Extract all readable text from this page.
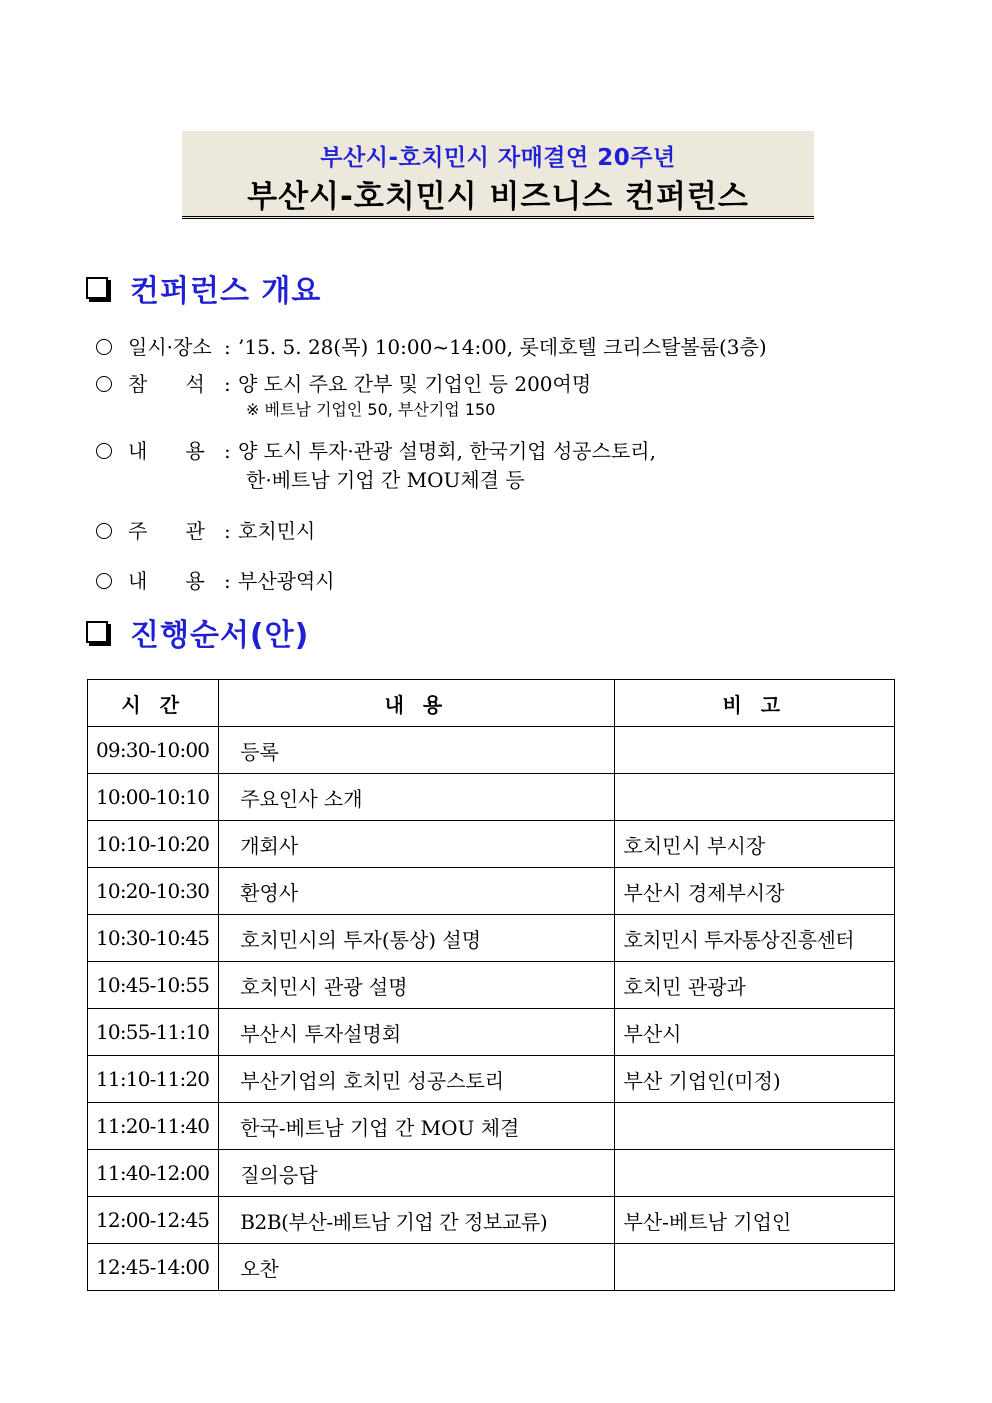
부산시-호치민시 자매결연 20주년
부산시-호치민시 비즈니스 컨퍼런스
컨퍼런스 개요
일시·장소 : ’15. 5. 28(목) 10:00~14:00, 롯데호텔 크리스탈볼룸(3층)
참      석 : 양 도시 주요 간부 및 기업인 등 200여명
※ 베트남 기업인 50, 부산기업 150
내      용 : 양 도시 투자·관광 설명회, 한국기업 성공스토리,
한·베트남 기업 간 MOU체결 등
주      관 : 호치민시
내      용 : 부산광역시
진행순서(안)
시 간	내 용	비 고
09:30-10:00	등록	
10:00-10:10	주요인사 소개	
10:10-10:20	개회사	호치민시 부시장
10:20-10:30	환영사	부산시 경제부시장
10:30-10:45	호치민시의 투자(통상) 설명	호치민시 투자통상진흥센터
10:45-10:55	호치민시 관광 설명	호치민 관광과
10:55-11:10	부산시 투자설명회	부산시
11:10-11:20	부산기업의 호치민 성공스토리	부산 기업인(미정)
11:20-11:40	한국-베트남 기업 간 MOU 체결	
11:40-12:00	질의응답	
12:00-12:45	B2B(부산-베트남 기업 간 정보교류)	부산-베트남 기업인
12:45-14:00	오찬	
